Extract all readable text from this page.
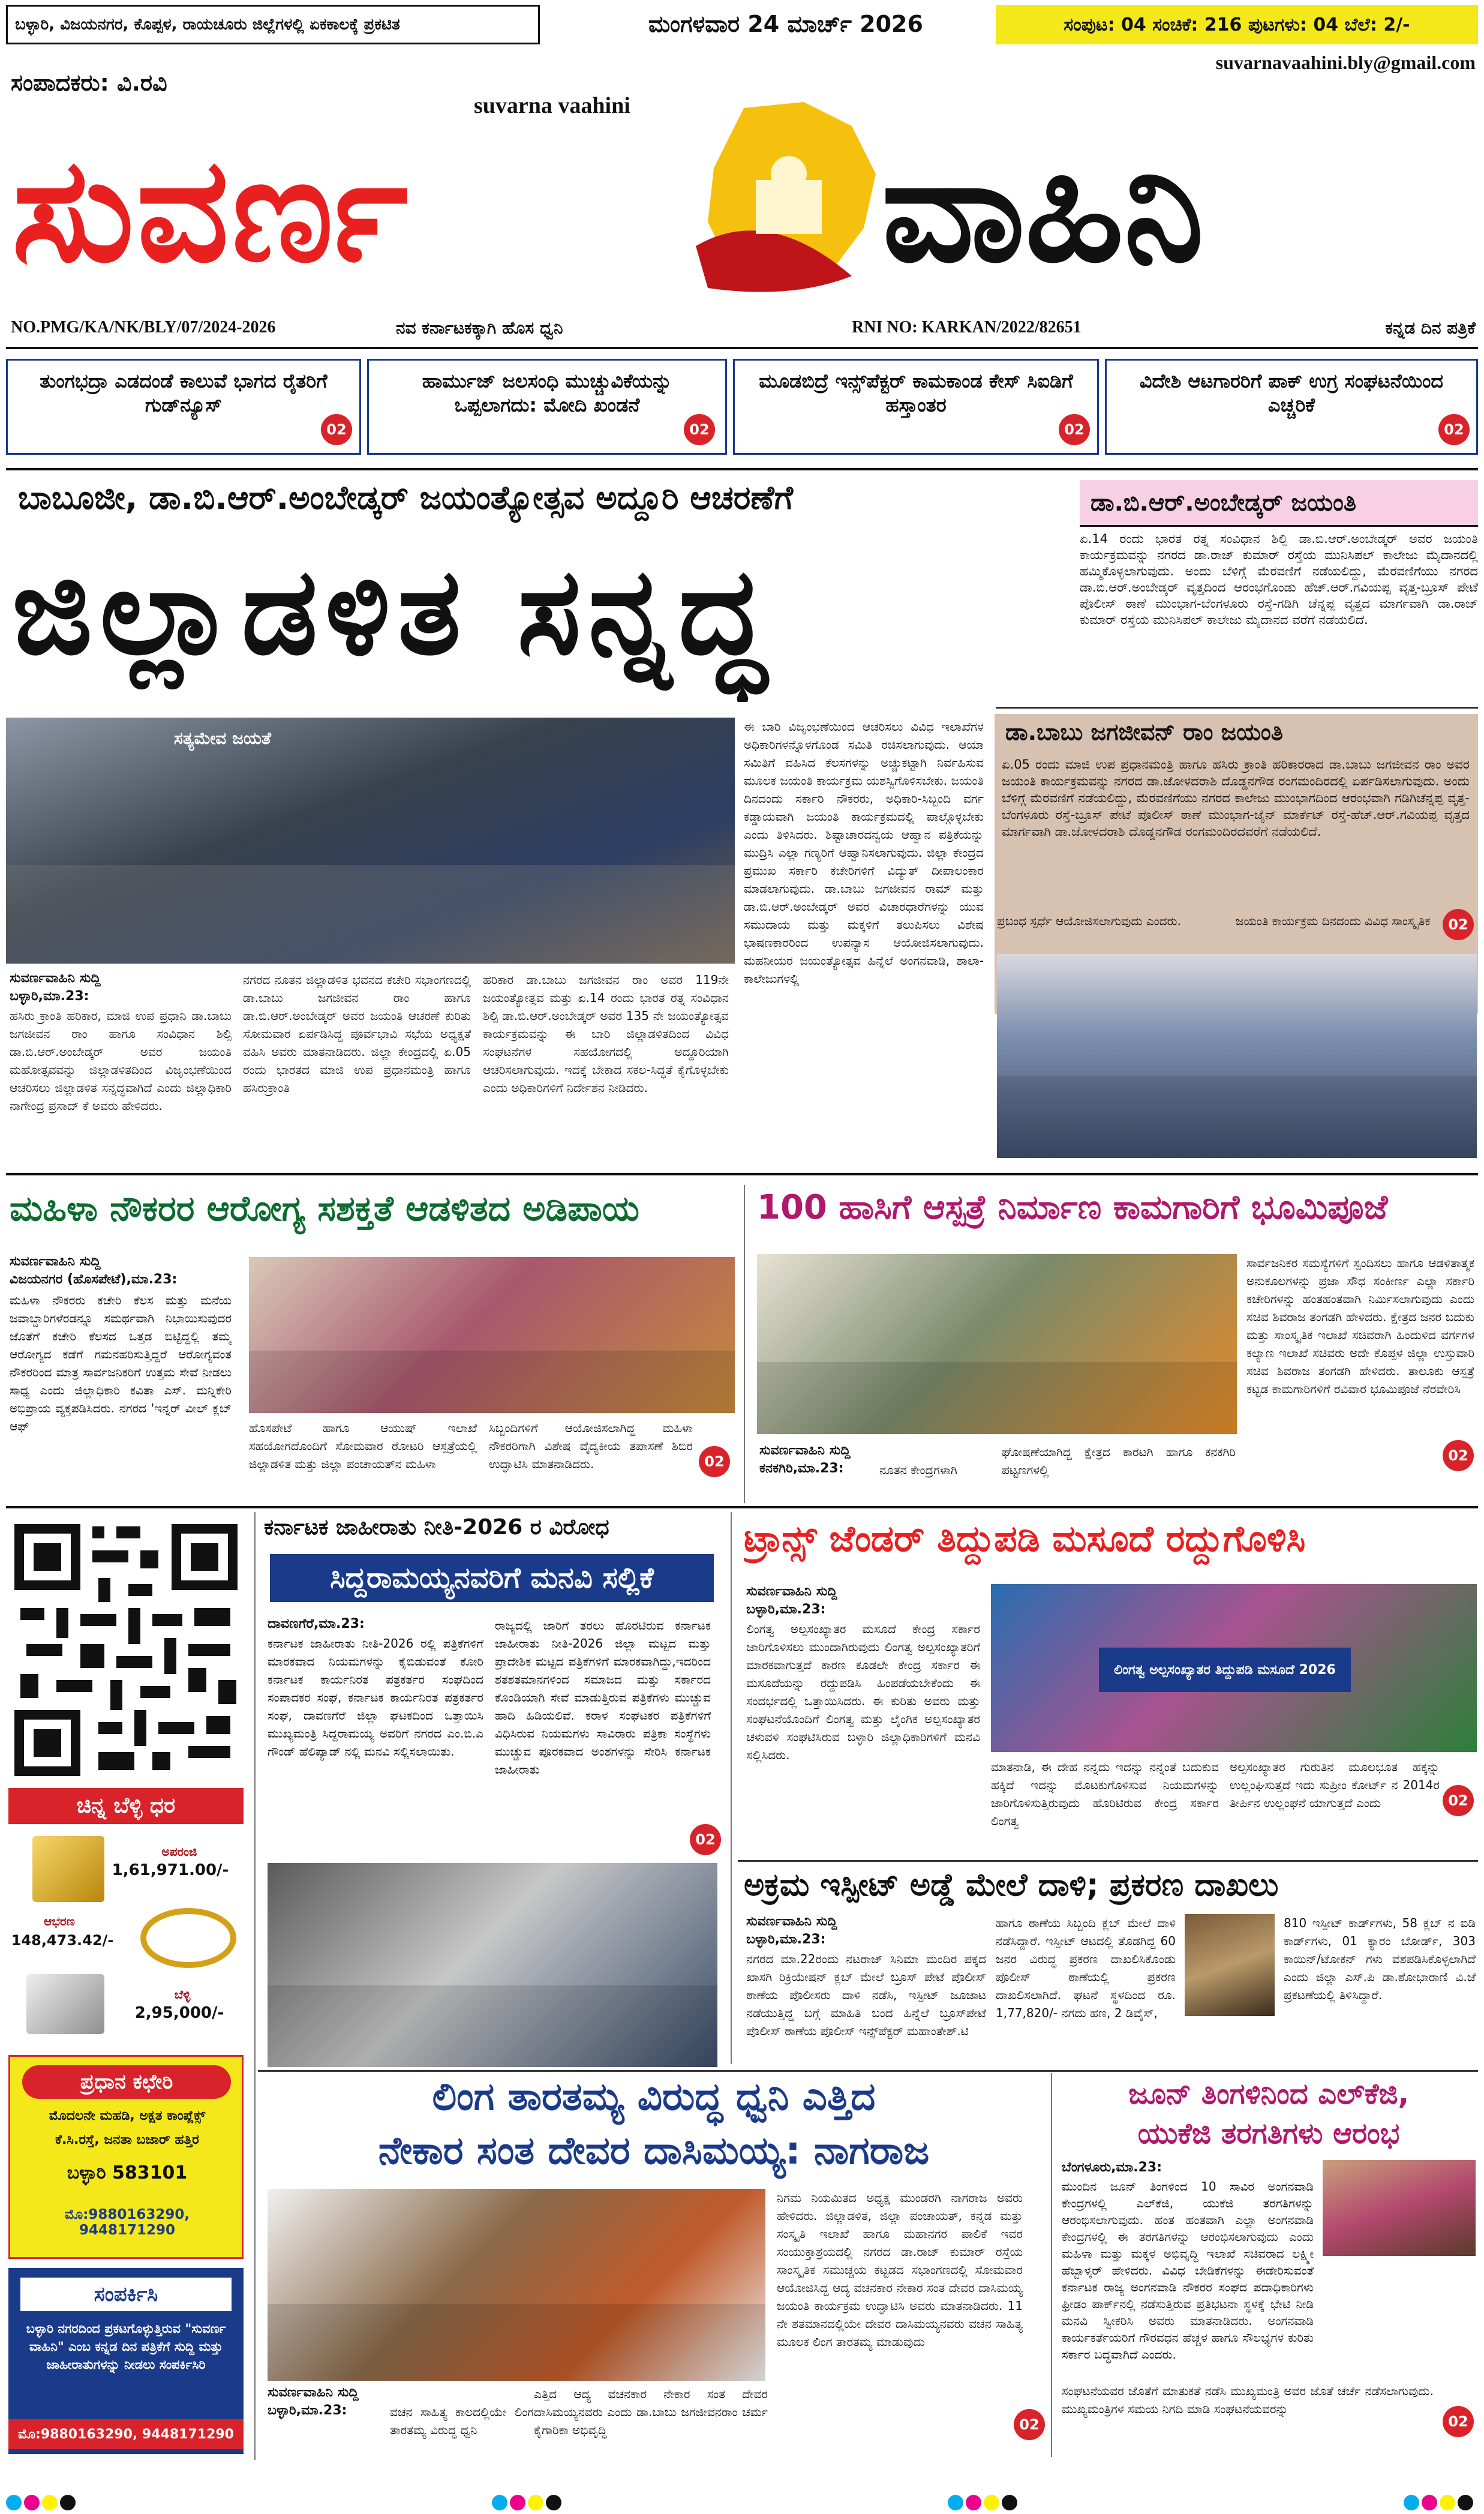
ಬಳ್ಳಾರಿ, ವಿಜಯನಗರ, ಕೊಪ್ಪಳ, ರಾಯಚೂರು ಜಿಲ್ಲೆಗಳಲ್ಲಿ ಏಕಕಾಲಕ್ಕೆ ಪ್ರಕಟಿತ	ಮಂಗಳವಾರ 24 ಮಾರ್ಚ್ 2026	ಸಂಪುಟ: 04 ಸಂಚಿಕೆ: 216 ಪುಟಗಳು: 04 ಬೆಲೆ: 2/-
suvarnavaahini.bly@gmail.com
ಸಂಪಾದಕರು: ವಿ.ರವಿ
suvarna vaahini
ಸುವರ್ಣ	ವಾಹಿನಿ
NO.PMG/KA/NK/BLY/07/2024-2026	ನವ ಕರ್ನಾಟಕಕ್ಕಾಗಿ ಹೊಸ ಧ್ವನಿ	RNI NO: KARKAN/2022/82651	ಕನ್ನಡ ದಿನ ಪತ್ರಿಕೆ
ತುಂಗಭದ್ರಾ ಎಡದಂಡೆ ಕಾಲುವೆ ಭಾಗದ ರೈತರಿಗೆ ಗುಡ್‌ನ್ಯೂಸ್
02
ಹಾರ್ಮುಜ್ ಜಲಸಂಧಿ ಮುಚ್ಚುವಿಕೆಯನ್ನು ಒಪ್ಪಲಾಗದು: ಮೋದಿ ಖಂಡನೆ
02
ಮೂಡಬಿದ್ರೆ ಇನ್ಸ್‌ಪೆಕ್ಟರ್ ಕಾಮಕಾಂಡ ಕೇಸ್ ಸಿಐಡಿಗೆ ಹಸ್ತಾಂತರ
02
ವಿದೇಶಿ ಆಟಗಾರರಿಗೆ ಪಾಕ್ ಉಗ್ರ ಸಂಘಟನೆಯಿಂದ ಎಚ್ಚರಿಕೆ
02
ಬಾಬೂಜೀ, ಡಾ.ಬಿ.ಆರ್.ಅಂಬೇಡ್ಕರ್ ಜಯಂತ್ಯೋತ್ಸವ ಅದ್ದೂರಿ ಆಚರಣೆಗೆ
ಜಿಲ್ಲಾಡಳಿತ ಸನ್ನದ್ಧ
ಡಾ.ಬಿ.ಆರ್.ಅಂಬೇಡ್ಕರ್ ಜಯಂತಿ
ಏ.14 ರಂದು ಭಾರತ ರತ್ನ ಸಂವಿಧಾನ ಶಿಲ್ಪಿ ಡಾ.ಬಿ.ಆರ್.ಅಂಬೇಡ್ಕರ್ ಅವರ ಜಯಂತಿ ಕಾರ್ಯಕ್ರಮವನ್ನು ನಗರದ ಡಾ.ರಾಜ್ ಕುಮಾರ್ ರಸ್ತೆಯ ಮುನಿಸಿಪಲ್ ಕಾಲೇಜು ಮೈದಾನದಲ್ಲಿ ಹಮ್ಮಿಕೊಳ್ಳಲಾಗುವುದು. ಅಂದು ಬೆಳಿಗ್ಗೆ ಮೆರವಣಿಗೆ ನಡೆಯಲಿದ್ದು, ಮೆರವಣಿಗೆಯು ನಗರದ ಡಾ.ಬಿ.ಆರ್.ಅಂಬೇಡ್ಕರ್ ವೃತ್ತದಿಂದ ಆರಂಭಗೊಂಡು ಹೆಚ್.ಆರ್.ಗವಿಯಪ್ಪ ವೃತ್ತ-ಬ್ರೂಸ್ ಪೇಟೆ ಪೊಲೀಸ್ ಠಾಣೆ ಮುಂಭಾಗ-ಬೆಂಗಳೂರು ರಸ್ತೆ-ಗಡಿಗಿ ಚೆನ್ನಪ್ಪ ವೃತ್ತದ ಮಾರ್ಗವಾಗಿ ಡಾ.ರಾಜ್ ಕುಮಾರ್ ರಸ್ತೆಯ ಮುನಿಸಿಪಲ್ ಕಾಲೇಜು ಮೈದಾನದ ವರೆಗೆ ನಡೆಯಲಿದೆ.
ಸತ್ಯಮೇವ ಜಯತೆ
ಸುವರ್ಣವಾಹಿನಿ ಸುದ್ದಿ
ಬಳ್ಳಾರಿ,ಮಾ.23:
ಹಸಿರು ಕ್ರಾಂತಿ ಹರಿಕಾರ, ಮಾಜಿ ಉಪ ಪ್ರಧಾನಿ ಡಾ.ಬಾಬು ಜಗಜೀವನ ರಾಂ ಹಾಗೂ ಸಂವಿಧಾನ ಶಿಲ್ಪಿ ಡಾ.ಬಿ.ಆರ್.ಅಂಬೇಡ್ಕರ್ ಅವರ ಜಯಂತಿ ಮಹೋತ್ಸವವನ್ನು ಜಿಲ್ಲಾಡಳಿತದಿಂದ ವಿಜೃಂಭಣೆಯಿಂದ ಆಚರಿಸಲು ಜಿಲ್ಲಾಡಳಿತ ಸನ್ನದ್ಧವಾಗಿದೆ ಎಂದು ಜಿಲ್ಲಾಧಿಕಾರಿ ನಾಗೇಂದ್ರ ಪ್ರಸಾದ್ ಕೆ ಅವರು ಹೇಳಿದರು.
ನಗರದ ನೂತನ ಜಿಲ್ಲಾಡಳಿತ ಭವನದ ಕಚೇರಿ ಸಭಾಂಗಣದಲ್ಲಿ ಡಾ.ಬಾಬು ಜಗಜೀವನ ರಾಂ ಹಾಗೂ ಡಾ.ಬಿ.ಆರ್.ಅಂಬೇಡ್ಕರ್ ಅವರ ಜಯಂತಿ ಆಚರಣೆ ಕುರಿತು ಸೋಮವಾರ ಏರ್ಪಡಿಸಿದ್ದ ಪೂರ್ವಭಾವಿ ಸಭೆಯ ಅಧ್ಯಕ್ಷತೆ ವಹಿಸಿ ಅವರು ಮಾತನಾಡಿದರು. ಜಿಲ್ಲಾ ಕೇಂದ್ರದಲ್ಲಿ ಏ.05 ರಂದು ಭಾರತದ ಮಾಜಿ ಉಪ ಪ್ರಧಾನಮಂತ್ರಿ ಹಾಗೂ ಹಸಿರುಕ್ರಾಂತಿ
ಹರಿಕಾರ ಡಾ.ಬಾಬು ಜಗಜೀವನ ರಾಂ ಅವರ 119ನೇ ಜಯಂತ್ಯೋತ್ಸವ ಮತ್ತು ಏ.14 ರಂದು ಭಾರತ ರತ್ನ ಸಂವಿಧಾನ ಶಿಲ್ಪಿ ಡಾ.ಬಿ.ಆರ್.ಅಂಬೇಡ್ಕರ್ ಅವರ 135 ನೇ ಜಯಂತ್ಯೋತ್ಸವ ಕಾರ್ಯಕ್ರಮವನ್ನು ಈ ಬಾರಿ ಜಿಲ್ಲಾಡಳಿತದಿಂದ ವಿವಿಧ ಸಂಘಟನೆಗಳ ಸಹಯೋಗದಲ್ಲಿ ಅದ್ದೂರಿಯಾಗಿ ಆಚರಿಸಲಾಗುವುದು. ಇದಕ್ಕೆ ಬೇಕಾದ ಸಕಲ-ಸಿದ್ಧತೆ ಕೈಗೊಳ್ಳಬೇಕು ಎಂದು ಅಧಿಕಾರಿಗಳಿಗೆ ನಿರ್ದೇಶನ ನೀಡಿದರು.
ಈ ಬಾರಿ ವಿಜೃಂಭಣೆಯಿಂದ ಆಚರಿಸಲು ವಿವಿಧ ಇಲಾಖೆಗಳ ಅಧಿಕಾರಿಗಳನ್ನೊಳಗೊಂಡ ಸಮಿತಿ ರಚಿಸಲಾಗುವುದು. ಆಯಾ ಸಮಿತಿಗೆ ವಹಿಸಿದ ಕೆಲಸಗಳನ್ನು ಅಚ್ಚುಕಟ್ಟಾಗಿ ನಿರ್ವಹಿಸುವ ಮೂಲಕ ಜಯಂತಿ ಕಾರ್ಯಕ್ರಮ ಯಶಸ್ವಿಗೊಳಿಸಬೇಕು. ಜಯಂತಿ ದಿನದಂದು ಸರ್ಕಾರಿ ನೌಕರರು, ಅಧಿಕಾರಿ-ಸಿಬ್ಬಂದಿ ವರ್ಗ ಕಡ್ಡಾಯವಾಗಿ ಜಯಂತಿ ಕಾರ್ಯಕ್ರಮದಲ್ಲಿ ಪಾಲ್ಗೊಳ್ಳಬೇಕು ಎಂದು ತಿಳಿಸಿದರು. ಶಿಷ್ಟಾಚಾರದನ್ವಯ ಆಹ್ವಾನ ಪತ್ರಿಕೆಯನ್ನು ಮುದ್ರಿಸಿ ಎಲ್ಲಾ ಗಣ್ಯರಿಗೆ ಆಹ್ವಾನಿಸಲಾಗುವುದು. ಜಿಲ್ಲಾ ಕೇಂದ್ರದ ಪ್ರಮುಖ ಸರ್ಕಾರಿ ಕಚೇರಿಗಳಿಗೆ ವಿದ್ಯುತ್ ದೀಪಾಲಂಕಾರ ಮಾಡಲಾಗುವುದು. ಡಾ.ಬಾಬು ಜಗಜೀವನ ರಾಮ್ ಮತ್ತು ಡಾ.ಬಿ.ಆರ್.ಅಂಬೇಡ್ಕರ್ ಅವರ ವಿಚಾರಧಾರೆಗಳನ್ನು ಯುವ ಸಮುದಾಯ ಮತ್ತು ಮಕ್ಕಳಿಗೆ ತಲುಪಿಸಲು ವಿಶೇಷ ಭಾಷಣಕಾರರಿಂದ ಉಪನ್ಯಾಸ ಆಯೋಜಿಸಲಾಗುವುದು. ಮಹನೀಯರ ಜಯಂತ್ಯೋತ್ಸವ ಹಿನ್ನೆಲೆ ಅಂಗನವಾಡಿ, ಶಾಲಾ-ಕಾಲೇಜುಗಳಲ್ಲಿ
ಡಾ.ಬಾಬು ಜಗಜೀವನ್ ರಾಂ ಜಯಂತಿ
ಏ.05 ರಂದು ಮಾಜಿ ಉಪ ಪ್ರಧಾನಮಂತ್ರಿ ಹಾಗೂ ಹಸಿರು ಕ್ರಾಂತಿ ಹರಿಕಾರರಾದ ಡಾ.ಬಾಬು ಜಗಜೀವನ ರಾಂ ಅವರ ಜಯಂತಿ ಕಾರ್ಯಕ್ರಮವನ್ನು ನಗರದ ಡಾ.ಜೋಳದರಾಶಿ ದೊಡ್ಡನಗೌಡ ರಂಗಮಂದಿರದಲ್ಲಿ ಏರ್ಪಡಿಸಲಾಗುವುದು. ಅಂದು ಬೆಳಿಗ್ಗೆ ಮೆರವಣಿಗೆ ನಡೆಯಲಿದ್ದು, ಮೆರವಣಿಗೆಯು ನಗರದ ಕಾಲೇಜು ಮುಂಭಾಗದಿಂದ ಆರಂಭವಾಗಿ ಗಡಿಗಿಚೆನ್ನಪ್ಪ ವೃತ್ತ-ಬೆಂಗಳೂರು ರಸ್ತೆ-ಬ್ರೂಸ್ ಪೇಟೆ ಪೊಲೀಸ್ ಠಾಣೆ ಮುಂಭಾಗ-ಜೈನ್ ಮಾರ್ಕೆಟ್ ರಸ್ತೆ-ಹೆಚ್.ಆರ್.ಗವಿಯಪ್ಪ ವೃತ್ತದ ಮಾರ್ಗವಾಗಿ ಡಾ.ಜೋಳದರಾಶಿ ದೊಡ್ಡನಗೌಡ ರಂಗಮಂದಿರದವರೆಗೆ ನಡೆಯಲಿದೆ.
ಪ್ರಬಂಧ ಸ್ಪರ್ಧೆ ಆಯೋಜಿಸಲಾಗುವುದು ಎಂದರು.	ಜಯಂತಿ ಕಾರ್ಯಕ್ರಮ ದಿನದಂದು ವಿವಿಧ ಸಾಂಸ್ಕೃತಿಕ	02
ಮಹಿಳಾ ನೌಕರರ ಆರೋಗ್ಯ ಸಶಕ್ತತೆ ಆಡಳಿತದ ಅಡಿಪಾಯ
ಸುವರ್ಣವಾಹಿನಿ ಸುದ್ದಿ
ವಿಜಯನಗರ (ಹೊಸಪೇಟೆ),ಮಾ.23:
ಮಹಿಳಾ ನೌಕರರು ಕಚೇರಿ ಕೆಲಸ ಮತ್ತು ಮನೆಯ ಜವಾಬ್ದಾರಿಗಳೆರಡನ್ನೂ ಸಮರ್ಥವಾಗಿ ನಿಭಾಯಿಸುವುದರ ಜೊತೆಗೆ ಕಚೇರಿ ಕೆಲಸದ ಒತ್ತಡ ಬಿಟ್ಟಿದ್ದಲ್ಲಿ ತಮ್ಮ ಆರೋಗ್ಯದ ಕಡೆಗೆ ಗಮನಹರಿಸುತ್ತಿದ್ದರೆ ಆರೋಗ್ಯವಂತ ನೌಕರರಿಂದ ಮಾತ್ರ ಸಾರ್ವಜನಿಕರಿಗೆ ಉತ್ತಮ ಸೇವೆ ನೀಡಲು ಸಾಧ್ಯ ಎಂದು ಜಿಲ್ಲಾಧಿಕಾರಿ ಕವಿತಾ ಎಸ್. ಮನ್ನಿಕೇರಿ ಅಭಿಪ್ರಾಯ ವ್ಯಕ್ತಪಡಿಸಿದರು. ನಗರದ 'ಇನ್ನರ್ ವೀಲ್ ಕ್ಲಬ್ ಆಫ್	ಹೊಸಪೇಟೆ ಹಾಗೂ ಆಯುಷ್ ಇಲಾಖೆ ಸಹಯೋಗದೊಂದಿಗೆ ಸೋಮವಾರ ರೋಟರಿ ಆಸ್ಪತ್ರೆಯಲ್ಲಿ ಜಿಲ್ಲಾಡಳಿತ ಮತ್ತು ಜಿಲ್ಲಾ ಪಂಚಾಯತ್‌ನ ಮಹಿಳಾ
ಸಿಬ್ಬಂದಿಗಳಿಗೆ ಆಯೋಜಿಸಲಾಗಿದ್ದ ಮಹಿಳಾ ನೌಕರರಿಗಾಗಿ ವಿಶೇಷ ವೈದ್ಯಕೀಯ ತಪಾಸಣೆ ಶಿಬಿರ ಉದ್ಘಾಟಿಸಿ ಮಾತನಾಡಿದರು.	02
100 ಹಾಸಿಗೆ ಆಸ್ಪತ್ರೆ ನಿರ್ಮಾಣ ಕಾಮಗಾರಿಗೆ ಭೂಮಿಪೂಜೆ
ಸುವರ್ಣವಾಹಿನಿ ಸುದ್ದಿ
ಕನಕಗಿರಿ,ಮಾ.23:	ನೂತನ ಕೇಂದ್ರಗಳಾಗಿ
ಘೋಷಣೆಯಾಗಿದ್ದ ಕ್ಷೇತ್ರದ ಕಾರಟಗಿ ಹಾಗೂ ಕನಕಗಿರಿ ಪಟ್ಟಣಗಳಲ್ಲಿ
ಸಾರ್ವಜನಿಕರ ಸಮಸ್ಯೆಗಳಿಗೆ ಸ್ಪಂದಿಸಲು ಹಾಗೂ ಆಡಳಿತಾತ್ಮಕ ಅನುಕೂಲಗಳನ್ನು ಪ್ರಜಾ ಸೌಧ ಸಂಕೀರ್ಣ ಎಲ್ಲಾ ಸರ್ಕಾರಿ ಕಚೇರಿಗಳನ್ನು ಹಂತಹಂತವಾಗಿ ನಿರ್ಮಿಸಲಾಗುವುದು ಎಂದು ಸಚಿವ ಶಿವರಾಜ ತಂಗಡಗಿ ಹೇಳಿದರು. ಕ್ಷೇತ್ರದ ಜನರ ಬದುಕು ಮತ್ತು ಸಾಂಸ್ಕೃತಿಕ ಇಲಾಖೆ ಸಚಿವರಾಗಿ ಹಿಂದುಳಿದ ವರ್ಗಗಳ ಕಲ್ಯಾಣ ಇಲಾಖೆ ಸಚಿವರು ಅದೇ ಕೊಪ್ಪಳ ಜಿಲ್ಲಾ ಉಸ್ತುವಾರಿ ಸಚಿವ ಶಿವರಾಜ ತಂಗಡಗಿ ಹೇಳಿದರು. ತಾಲೂಕು ಆಸ್ಪತ್ರೆ ಕಟ್ಟಡ ಕಾಮಗಾರಿಗಳಿಗೆ ರವಿವಾರ ಭೂಮಿಪೂಜೆ ನೆರವೇರಿಸಿ
02
ಚಿನ್ನ ಬೆಳ್ಳಿ ಧರ
ಅಪರಂಜಿ
1,61,971.00/-
ಆಭರಣ
148,473.42/-
ಬೆಳ್ಳಿ
2,95,000/-
ಪ್ರಧಾನ ಕಛೇರಿ
ಮೊದಲನೇ ಮಹಡಿ, ಅಕ್ಷತ ಕಾಂಪ್ಲೆಕ್ಸ್
ಕೆ.ಸಿ.ರಸ್ತೆ, ಜನತಾ ಬಜಾರ್ ಹತ್ತಿರ
ಬಳ್ಳಾರಿ 583101
ಮೊ:9880163290, 9448171290
ಸಂಪರ್ಕಿಸಿ
ಬಳ್ಳಾರಿ ನಗರದಿಂದ ಪ್ರಕಟಗೊಳ್ಳುತ್ತಿರುವ "ಸುವರ್ಣ ವಾಹಿನಿ" ಎಂಬ ಕನ್ನಡ ದಿನ ಪತ್ರಿಕೆಗೆ ಸುದ್ದಿ ಮತ್ತು ಜಾಹೀರಾತುಗಳನ್ನು ನೀಡಲು ಸಂಪರ್ಕಿಸಿರಿ
ಮೊ:9880163290, 9448171290
ಕರ್ನಾಟಕ ಜಾಹೀರಾತು ನೀತಿ-2026 ರ ವಿರೋಧ
ಸಿದ್ದರಾಮಯ್ಯನವರಿಗೆ ಮನವಿ ಸಲ್ಲಿಕೆ
ದಾವಣಗೆರೆ,ಮಾ.23:
ಕರ್ನಾಟಕ ಜಾಹೀರಾತು ನೀತಿ-2026 ರಲ್ಲಿ ಪತ್ರಿಕೆಗಳಿಗೆ ಮಾರಕವಾದ ನಿಯಮಗಳನ್ನು ಕೈಬಿಡುವಂತೆ ಕೋರಿ ಕರ್ನಾಟಕ ಕಾರ್ಯನಿರತ ಪತ್ರಕರ್ತರ ಸಂಘದಿಂದ ಸಂಪಾದಕರ ಸಂಘ, ಕರ್ನಾಟಕ ಕಾರ್ಯನಿರತ ಪತ್ರಕರ್ತರ ಸಂಘ, ದಾವಣಗೆರೆ ಜಿಲ್ಲಾ ಘಟಕದಿಂದ ಒತ್ತಾಯಿಸಿ ಮುಖ್ಯಮಂತ್ರಿ ಸಿದ್ದರಾಮಯ್ಯ ಅವರಿಗೆ ನಗರದ ಎಂ.ಬಿ.ಎ ಗೌಂಡ್ ಹೆಲಿಪ್ಯಾಡ್ ನಲ್ಲಿ ಮನವಿ ಸಲ್ಲಿಸಲಾಯಿತು.
ರಾಜ್ಯದಲ್ಲಿ ಜಾರಿಗೆ ತರಲು ಹೊರಟಿರುವ ಕರ್ನಾಟಕ ಜಾಹೀರಾತು ನೀತಿ-2026 ಜಿಲ್ಲಾ ಮಟ್ಟದ ಮತ್ತು ಪ್ರಾದೇಶಿಕ ಮಟ್ಟದ ಪತ್ರಿಕೆಗಳಿಗೆ ಮಾರಕವಾಗಿದ್ದು,ಇದರಿಂದ ಶತಶತಮಾನಗಳಿಂದ ಸಮಾಜದ ಮತ್ತು ಸರ್ಕಾರದ ಕೊಂಡಿಯಾಗಿ ಸೇವೆ ಮಾಡುತ್ತಿರುವ ಪತ್ರಿಕೆಗಳು ಮುಚ್ಚುವ ಹಾದಿ ಹಿಡಿಯಲಿವೆ. ಕರಾಳ ಸಂಘಟಕರ ಪತ್ರಿಕೆಗಳಿಗೆ ವಿಧಿಸಿರುವ ನಿಯಮಗಳು ಸಾವಿರಾರು ಪತ್ರಿಕಾ ಸಂಸ್ಥೆಗಳು ಮುಚ್ಚುವ ಪೂರಕವಾದ ಅಂಶಗಳನ್ನು ಸೇರಿಸಿ ಕರ್ನಾಟಕ ಜಾಹೀರಾತು
02
ಟ್ರಾನ್ಸ್ ಜೆಂಡರ್ ತಿದ್ದುಪಡಿ ಮಸೂದೆ ರದ್ದುಗೊಳಿಸಿ
ಸುವರ್ಣವಾಹಿನಿ ಸುದ್ದಿ
ಬಳ್ಳಾರಿ,ಮಾ.23:
ಲಿಂಗತ್ವ ಅಲ್ಪಸಂಖ್ಯಾತರ ಮಸೂದೆ ಕೇಂದ್ರ ಸರ್ಕಾರ ಜಾರಿಗೊಳಿಸಲು ಮುಂದಾಗಿರುವುದು ಲಿಂಗತ್ವ ಅಲ್ಪಸಂಖ್ಯಾತರಿಗೆ ಮಾರಕವಾಗುತ್ತದೆ ಕಾರಣ ಕೂಡಲೇ ಕೇಂದ್ರ ಸರ್ಕಾರ ಈ ಮಸೂದೆಯನ್ನು ರದ್ದುಪಡಿಸಿ ಹಿಂಪಡೆಯಬೇಕೆಂದು ಈ ಸಂದರ್ಭದಲ್ಲಿ ಒತ್ತಾಯಿಸಿದರು. ಈ ಕುರಿತು ಅವರು ಮತ್ತು ಸಂಘಟನೆಯೊಂದಿಗೆ ಲಿಂಗತ್ವ ಮತ್ತು ಲೈಂಗಿಕ ಅಲ್ಪಸಂಖ್ಯಾತರ ಚಳುವಳಿ ಸಂಘಟಿಸಿರುವ ಬಳ್ಳಾರಿ ಜಿಲ್ಲಾಧಿಕಾರಿಗಳಿಗೆ ಮನವಿ ಸಲ್ಲಿಸಿದರು.
ಲಿಂಗತ್ವ ಅಲ್ಪಸಂಖ್ಯಾತರ ತಿದ್ದುಪಡಿ ಮಸೂದೆ 2026
ಮಾತನಾಡಿ, ಈ ದೇಹ ನನ್ನದು ಇದನ್ನು ನನ್ನಂತೆ ಬದುಕುವ ಹಕ್ಕಿದೆ ಇದನ್ನು ಮೊಟಕುಗೊಳಿಸುವ ನಿಯಮಗಳನ್ನು ಜಾರಿಗೊಳಿಸುತ್ತಿರುವುದು ಹೊರಿಟಿರುವ ಕೇಂದ್ರ ಸರ್ಕಾರ ಲಿಂಗತ್ವ
ಅಲ್ಪಸಂಖ್ಯಾತರ ಗುರುತಿನ ಮೂಲಭೂತ ಹಕ್ಕನ್ನು ಉಲ್ಲಂಘಿಸುತ್ತದೆ ಇದು ಸುಪ್ರೀಂ ಕೋರ್ಟ್ ನ 2014ರ ತೀರ್ಪಿನ ಉಲ್ಲಂಘನೆ ಯಾಗುತ್ತದೆ ಎಂದು	02
ಅಕ್ರಮ ಇಸ್ಪೀಟ್ ಅಡ್ಡೆ ಮೇಲೆ ದಾಳಿ; ಪ್ರಕರಣ ದಾಖಲು
ಸುವರ್ಣವಾಹಿನಿ ಸುದ್ದಿ
ಬಳ್ಳಾರಿ,ಮಾ.23:
ನಗರದ ಮಾ.22ರಂದು ನಟರಾಜ್ ಸಿನಿಮಾ ಮಂದಿರ ಪಕ್ಕದ ಖಾಸಗಿ ರಿಕ್ರಿಯೇಷನ್ ಕ್ಲಬ್ ಮೇಲೆ ಬ್ರೂಸ್ ಪೇಟೆ ಪೊಲೀಸ್ ಠಾಣೆಯ ಪೊಲೀಸರು ದಾಳಿ ನಡೆಸಿ, ಇಸ್ಪೀಟ್ ಜೂಜಾಟ ನಡೆಯುತ್ತಿದ್ದ ಬಗ್ಗೆ ಮಾಹಿತಿ ಬಂದ ಹಿನ್ನೆಲೆ ಬ್ರೂಸ್‌ಪೇಟೆ ಪೊಲೀಸ್ ಠಾಣೆಯ ಪೊಲೀಸ್ ಇನ್ಸ್‌ಪೆಕ್ಟರ್ ಮಹಾಂತೇಶ್.ಟಿ
ಹಾಗೂ ಠಾಣೆಯ ಸಿಬ್ಬಂದಿ ಕ್ಲಬ್ ಮೇಲೆ ದಾಳಿ ನಡೆಸಿದ್ದಾರೆ. ಇಸ್ಪೀಟ್ ಆಟದಲ್ಲಿ ತೊಡಗಿದ್ದ 60 ಜನರ ವಿರುದ್ಧ ಪ್ರಕರಣ ದಾಖಲಿಸಿಕೊಂಡು ಪೊಲೀಸ್ ಠಾಣೆಯಲ್ಲಿ ಪ್ರಕರಣ ದಾಖಲಿಸಲಾಗಿದೆ. ಘಟನೆ ಸ್ಥಳದಿಂದ ರೂ. 1,77,820/- ನಗದು ಹಣ, 2 ಡಿವೈಸ್,
810 ಇಸ್ಪೀಟ್ ಕಾರ್ಡ್‌ಗಳು, 58 ಕ್ಲಬ್ ನ ಐಡಿ ಕಾರ್ಡ್‌ಗಳು, 01 ಕ್ಯಾರಂ ಬೋರ್ಡ್, 303 ಕಾಯಿನ್/ಟೋಕನ್ ಗಳು ವಶಪಡಿಸಿಕೊಳ್ಳಲಾಗಿದೆ ಎಂದು ಜಿಲ್ಲಾ ಎಸ್.ಪಿ ಡಾ.ಶೋಭಾರಾಣಿ ವಿ.ಜೆ ಪ್ರಕಟಣೆಯಲ್ಲಿ ತಿಳಿಸಿದ್ದಾರೆ.
ಲಿಂಗ ತಾರತಮ್ಯ ವಿರುದ್ಧ ಧ್ವನಿ ಎತ್ತಿದ
ನೇಕಾರ ಸಂತ ದೇವರ ದಾಸಿಮಯ್ಯ: ನಾಗರಾಜ
ಸುವರ್ಣವಾಹಿನಿ ಸುದ್ದಿ
ಬಳ್ಳಾರಿ,ಮಾ.23:	ವಚನ ಸಾಹಿತ್ಯ ಕಾಲದಲ್ಲಿಯೇ ಲಿಂಗ ತಾರತಮ್ಯ ವಿರುದ್ಧ ಧ್ವನಿ
ಎತ್ತಿದ ಆದ್ಯ ವಚನಕಾರ ನೇಕಾರ ಸಂತ ದೇವರ ದಾಸಿಮಯ್ಯನವರು ಎಂದು ಡಾ.ಬಾಬು ಜಗಜೀವನರಾಂ ಚರ್ಮ ಕೈಗಾರಿಕಾ ಅಭಿವೃದ್ಧಿ
ನಿಗಮ ನಿಯಮಿತದ ಅಧ್ಯಕ್ಷ ಮುಂಡರಗಿ ನಾಗರಾಜ ಅವರು ಹೇಳಿದರು. ಜಿಲ್ಲಾಡಳಿತ, ಜಿಲ್ಲಾ ಪಂಚಾಯತ್, ಕನ್ನಡ ಮತ್ತು ಸಂಸ್ಕೃತಿ ಇಲಾಖೆ ಹಾಗೂ ಮಹಾನಗರ ಪಾಲಿಕೆ ಇವರ ಸಂಯುಕ್ತಾಶ್ರಯದಲ್ಲಿ ನಗರದ ಡಾ.ರಾಜ್ ಕುಮಾರ್ ರಸ್ತೆಯ ಸಾಂಸ್ಕೃತಿಕ ಸಮುಚ್ಚಯ ಕಟ್ಟಡದ ಸಭಾಂಗಣದಲ್ಲಿ ಸೋಮವಾರ ಆಯೋಜಿಸಿದ್ದ ಆದ್ಯ ವಚನಕಾರ ನೇಕಾರ ಸಂತ ದೇವರ ದಾಸಿಮಯ್ಯ ಜಯಂತಿ ಕಾರ್ಯಕ್ರಮ ಉದ್ಘಾಟಿಸಿ ಅವರು ಮಾತನಾಡಿದರು. 11 ನೇ ಶತಮಾನದಲ್ಲಿಯೇ ದೇವರ ದಾಸಿಮಯ್ಯನವರು ವಚನ ಸಾಹಿತ್ಯ ಮೂಲಕ ಲಿಂಗ ತಾರತಮ್ಯ ಮಾಡುವುದು
02
ಜೂನ್ ತಿಂಗಳಿನಿಂದ ಎಲ್‌ಕೆಜಿ,
ಯುಕೆಜಿ ತರಗತಿಗಳು ಆರಂಭ
ಬೆಂಗಳೂರು,ಮಾ.23:
ಮುಂದಿನ ಜೂನ್ ತಿಂಗಳಿಂದ 10 ಸಾವಿರ ಅಂಗನವಾಡಿ ಕೇಂದ್ರಗಳಲ್ಲಿ ಎಲ್‌ಕೆಜಿ, ಯುಕೆಜಿ ತರಗತಿಗಳನ್ನು ಆರಂಭಿಸಲಾಗುವುದು. ಹಂತ ಹಂತವಾಗಿ ಎಲ್ಲಾ ಅಂಗನವಾಡಿ ಕೇಂದ್ರಗಳಲ್ಲಿ ಈ ತರಗತಿಗಳನ್ನು ಆರಂಭಿಸಲಾಗುವುದು ಎಂದು ಮಹಿಳಾ ಮತ್ತು ಮಕ್ಕಳ ಅಭಿವೃದ್ಧಿ ಇಲಾಖೆ ಸಚಿವರಾದ ಲಕ್ಷ್ಮೀ ಹೆಬ್ಬಾಳ್ಕರ್ ಹೇಳಿದರು. ವಿವಿಧ ಬೇಡಿಕೆಗಳನ್ನು ಈಡೇರಿಸುವಂತೆ ಕರ್ನಾಟಕ ರಾಜ್ಯ ಅಂಗನವಾಡಿ ನೌಕರರ ಸಂಘದ ಪದಾಧಿಕಾರಿಗಳು ಫ್ರೀಡಂ ಪಾರ್ಕ್‌ನಲ್ಲಿ ನಡೆಸುತ್ತಿರುವ ಪ್ರತಿಭಟನಾ ಸ್ಥಳಕ್ಕೆ ಭೇಟಿ ನೀಡಿ ಮನವಿ ಸ್ವೀಕರಿಸಿ ಅವರು ಮಾತನಾಡಿದರು. ಅಂಗನವಾಡಿ ಕಾರ್ಯಕರ್ತೆಯರಿಗೆ ಗೌರವಧನ ಹೆಚ್ಚಳ ಹಾಗೂ ಸೌಲಭ್ಯಗಳ ಕುರಿತು ಸರ್ಕಾರ ಬದ್ಧವಾಗಿದೆ ಎಂದರು.
ಸಂಘಟನೆಯವರ ಜೊತೆಗೆ ಮಾತುಕತೆ ನಡೆಸಿ ಮುಖ್ಯಮಂತ್ರಿ ಅವರ ಜೊತೆ ಚರ್ಚೆ ನಡೆಸಲಾಗುವುದು. ಮುಖ್ಯಮಂತ್ರಿಗಳ ಸಮಯ ನಿಗದಿ ಮಾಡಿ ಸಂಘಟನೆಯವರನ್ನು
02
